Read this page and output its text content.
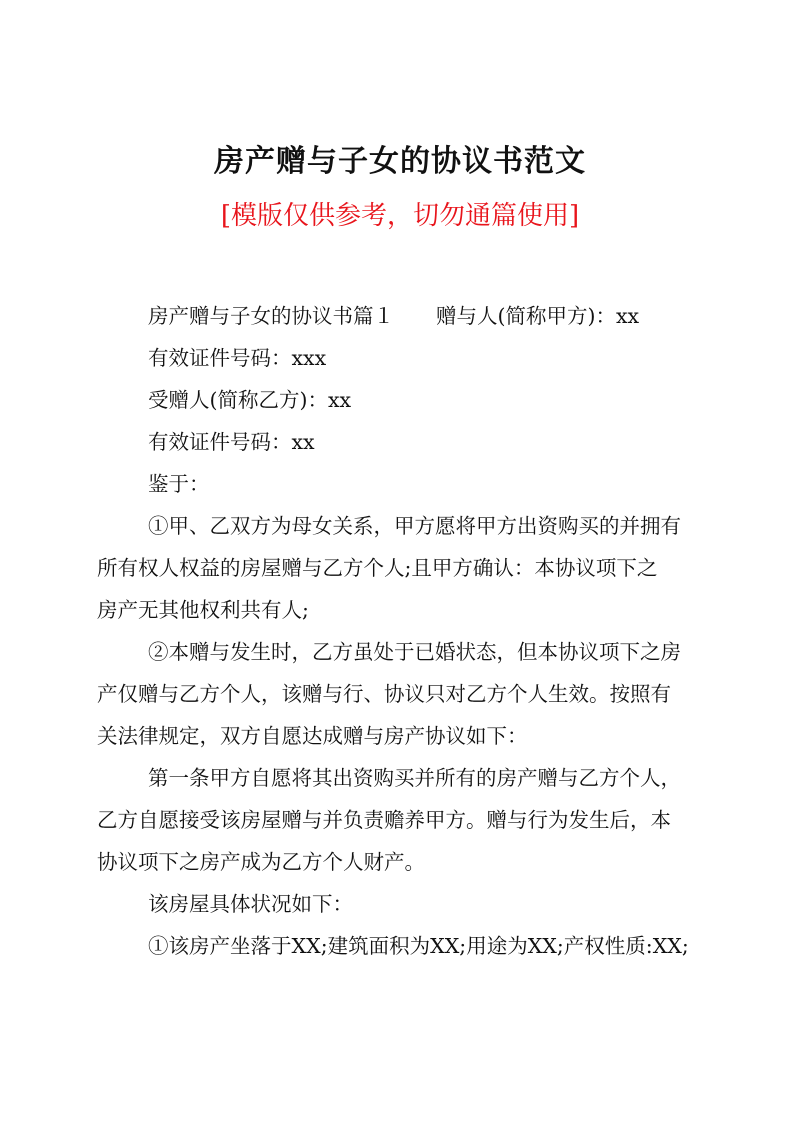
房产赠与子女的协议书范文
[模版仅供参考，切勿通篇使用]
房产赠与子女的协议书篇１ 赠与人(简称甲方)：xx
有效证件号码：xxx
受赠人(简称乙方)：xx
有效证件号码：xx
鉴于：
①甲、乙双方为母女关系，甲方愿将甲方出资购买的并拥有
所有权人权益的房屋赠与乙方个人;且甲方确认：本协议项下之
房产无其他权利共有人;
②本赠与发生时，乙方虽处于已婚状态，但本协议项下之房
产仅赠与乙方个人，该赠与行、协议只对乙方个人生效。按照有
关法律规定，双方自愿达成赠与房产协议如下：
第一条甲方自愿将其出资购买并所有的房产赠与乙方个人，
乙方自愿接受该房屋赠与并负责赡养甲方。赠与行为发生后，本
协议项下之房产成为乙方个人财产。
该房屋具体状况如下：
①该房产坐落于XX;建筑面积为XX;用途为XX;产权性质:XX;
